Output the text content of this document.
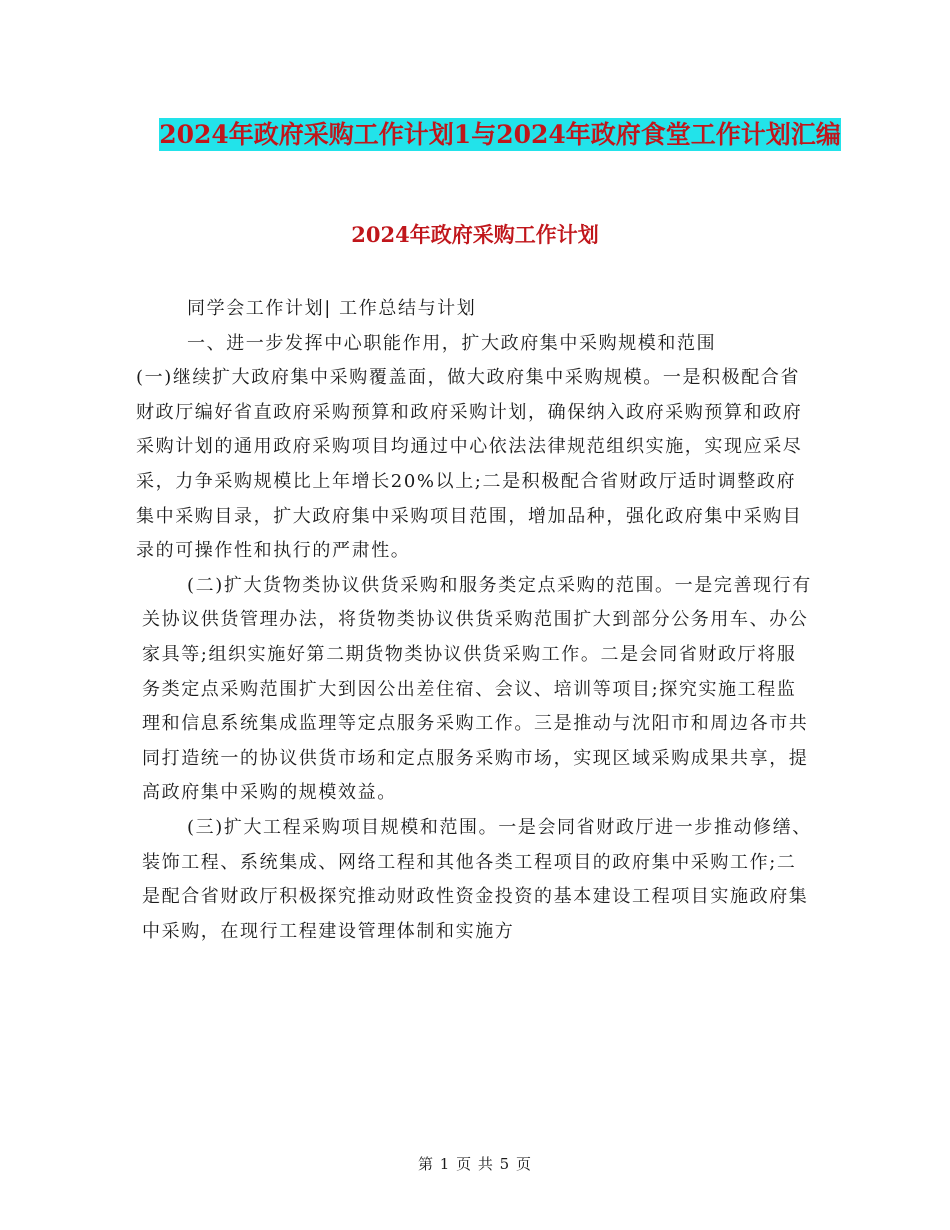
2024年政府采购工作计划1与2024年政府食堂工作计划汇编
2024年政府采购工作计划

同学会工作计划| 工作总结与计划

一、进一步发挥中心职能作用，扩大政府集中采购规模和范围

(一)继续扩大政府集中采购覆盖面，做大政府集中采购规模。一是积极配合省财政厅编好省直政府采购预算和政府采购计划，确保纳入政府采购预算和政府采购计划的通用政府采购项目均通过中心依法法律规范组织实施，实现应采尽采，力争采购规模比上年增长20%以上;二是积极配合省财政厅适时调整政府集中采购目录，扩大政府集中采购项目范围，增加品种，强化政府集中采购目录的可操作性和执行的严肃性。

(二)扩大货物类协议供货采购和服务类定点采购的范围。一是完善现行有关协议供货管理办法，将货物类协议供货采购范围扩大到部分公务用车、办公家具等;组织实施好第二期货物类协议供货采购工作。二是会同省财政厅将服务类定点采购范围扩大到因公出差住宿、会议、培训等项目;探究实施工程监理和信息系统集成监理等定点服务采购工作。三是推动与沈阳市和周边各市共同打造统一的协议供货市场和定点服务采购市场，实现区域采购成果共享，提高政府集中采购的规模效益。

(三)扩大工程采购项目规模和范围。一是会同省财政厅进一步推动修缮、装饰工程、系统集成、网络工程和其他各类工程项目的政府集中采购工作;二是配合省财政厅积极探究推动财政性资金投资的基本建设工程项目实施政府集中采购，在现行工程建设管理体制和实施方

第 1 页 共 5 页
